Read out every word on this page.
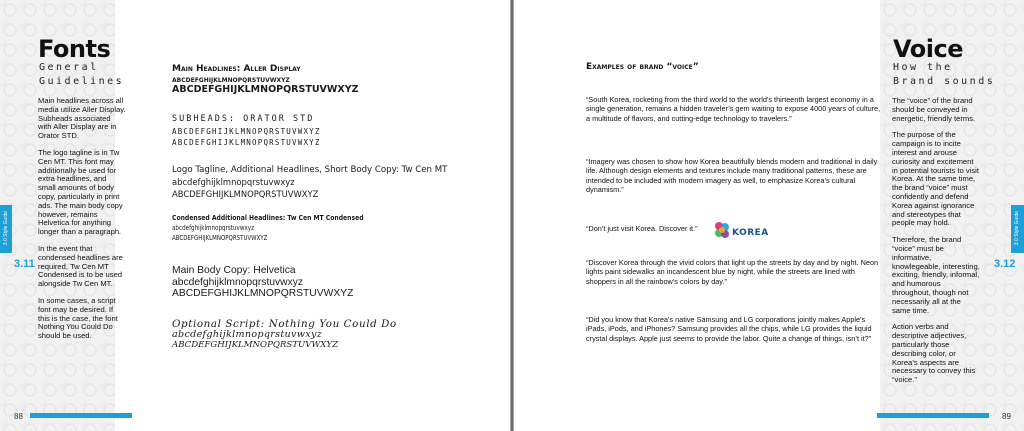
Fonts
General
Guidelines

Main headlines across all media utilize Aller Display. Subheads associated with Aller Display are in Orator STD.

The logo tagline is in Tw Cen MT. This font may additionally be used for extra headlines, and small amounts of body copy, particularly in print ads. The main body copy however, remains Helvetica for anything longer than a paragraph.

In the event that condensed headlines are required, Tw Cen MT Condensed is to be used alongside Tw Cen MT.

In some cases, a script font may be desired. If this is the case, the font Nothing You Could Do should be used.

3.0 Style Guide
3.11
88

Main Headlines: Aller Display

abcdefghijklmnopqrstuvwxyz

ABCDEFGHIJKLMNOPQRSTUVWXYZ

SUBHEADS: ORATOR STD

ABCDEFGHIJKLMNOPQRSTUVWXYZ

ABCDEFGHIJKLMNOPQRSTUVWXYZ

Logo Tagline, Additional Headlines, Short Body Copy: Tw Cen MT

abcdefghijklmnopqrstuvwxyz

ABCDEFGHIJKLMNOPQRSTUVWXYZ

Condensed Additional Headlines: Tw Cen MT Condensed

abcdefghijklmnopqrstuvwxyz

ABCDEFGHIJKLMNOPQRSTUVWXYZ

Main Body Copy: Helvetica

abcdefghijklmnopqrstuvwxyz

ABCDEFGHIJKLMNOPQRSTUVWXYZ

Optional Script: Nothing You Could Do

abcdefghijklmnopqrstuvwxyz

ABCDEFGHIJKLMNOPQRSTUVWXYZ

Examples of brand “voice”
“South Korea, rocketing from the third world to the world’s thirteenth largest economy in a single generation, remains a hidden traveler’s gem waiting to expose 4000 years of culture, a multitude of flavors, and cutting-edge technology to travelers.”
“Imagery was chosen to show how Korea beautifully blends modern and traditional in daily life. Although design elements and textures include many traditional patterns, these are intended to be included with modern imagery as well, to emphasize Korea’s cultural dynamism.”
“Don’t just visit Korea. Discover it.”	KOREA
“Discover Korea through the vivid colors that light up the streets by day and by night. Neon lights paint sidewalks an incandescent blue by night, while the streets are lined with shoppers in all the rainbow’s colors by day.”
“Did you know that Korea’s native Samsung and LG corporations jointly makes Apple’s iPads, iPods, and iPhones? Samsung provides all the chips, while LG provides the liquid crystal displays. Apple just seems to provide the labor. Quite a change of things, isn’t it?”
Voice
How the
Brand sounds

The “voice” of the brand should be conveyed in energetic, friendly terms.

The purpose of the campaign is to incite interest and arouse curiosity and excitement in potential tourists to visit Korea. At the same time, the brand “voice” must confidently and defend Korea against ignorance and stereotypes that people may hold.

Therefore, the brand “voice” must be informative, knowlegeable, interesting, exciting, friendly, informal, and humorous throughout, though not necessarily all at the same time.

Action verbs and descriptive adjectives, particularly those describing color, or Korea’s aspects are necessary to convey this “voice.”

3.0 Style Guide
3.12
89
